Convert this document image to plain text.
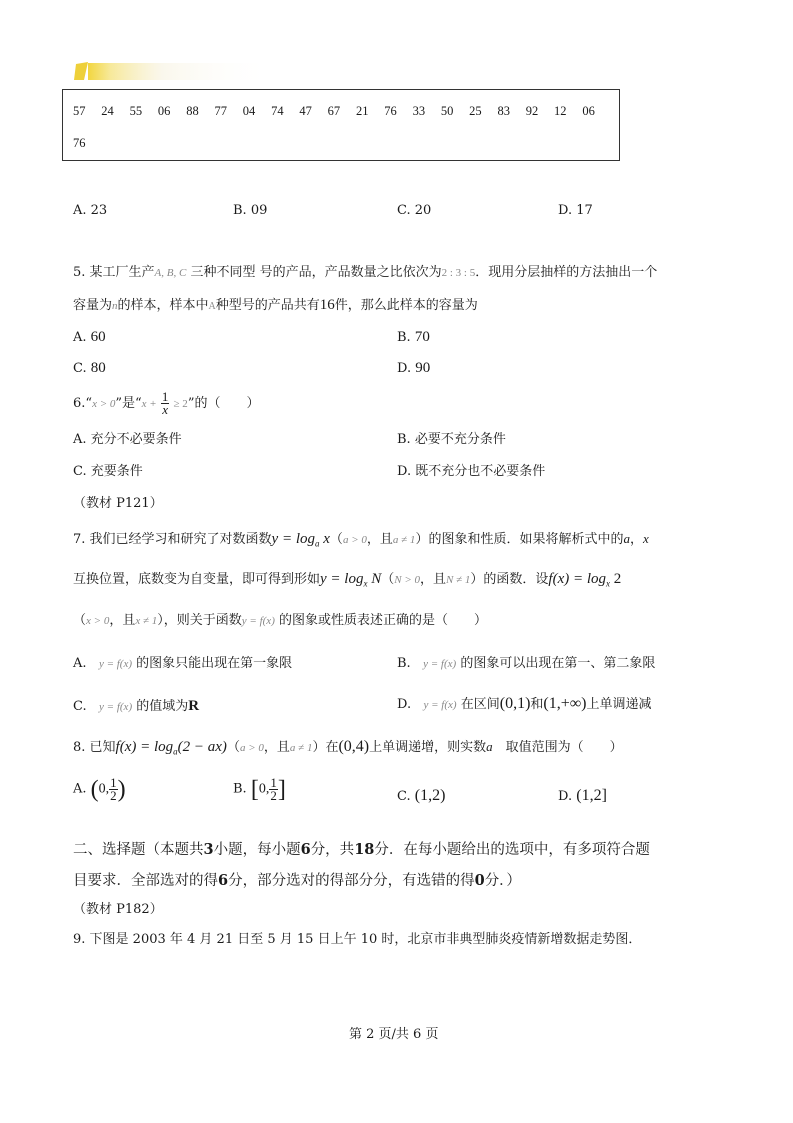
57 24 55 06 88 77 04 74 47 67 21 76 33 50 25 83 92 12 06
76
A. 23	B. 09	C. 20	D. 17
5. 某工厂生产A, B, C 三种不同型 号的产品，产品数量之比依次为2 : 3 : 5．现用分层抽样的方法抽出一个
容量为n的样本，样本中A种型号的产品共有16件，那么此样本的容量为
A. 60	B. 70
C. 80	D. 90
6.“x > 0”是“$x + \frac{1}{x} \ge 2$”的（　　）
A. 充分不必要条件	B. 必要不充分条件
C. 充要条件	D. 既不充分也不必要条件
（教材 P121）
7. 我们已经学习和研究了对数函数$y = \log_a x(a > 0$，且a ≠ 1）的图象和性质．如果将解析式中的a，x
互换位置，底数变为自变量，即可得到形如$y = \log_x N(N > 0$，且N ≠ 1）的函数．设$f(x) = \log_x 2$
（x > 0，且x ≠ 1），则关于函数y = f(x) 的图象或性质表述正确的是（　　）
A. y = f(x) 的图象只能出现在第一象限	B. y = f(x) 的图象可以出现在第一、第二象限
C. y = f(x) 的值域为R	D. y = f(x) 在区间(0,1)和(1,+∞)上单调递减
8. 已知$f(x) = \log_a(2 - ax)(a > 0$，且a ≠ 1）在(0,4)上单调递增，则实数a　取值范围为（　　）
A. (0, $\frac{1}{2}$ )	B. [0, $\frac{1}{2}$ ]	C. (1,2)	D. (1,2]
二、选择题（本题共3小题，每小题6分，共18分．在每小题给出的选项中，有多项符合题
目要求．全部选对的得6分，部分选对的得部分分，有选错的得0分．）
（教材 P182）
9. 下图是 2003 年 4 月 21 日至 5 月 15 日上午 10 时，北京市非典型肺炎疫情新增数据走势图．
第 2 页/共 6 页
